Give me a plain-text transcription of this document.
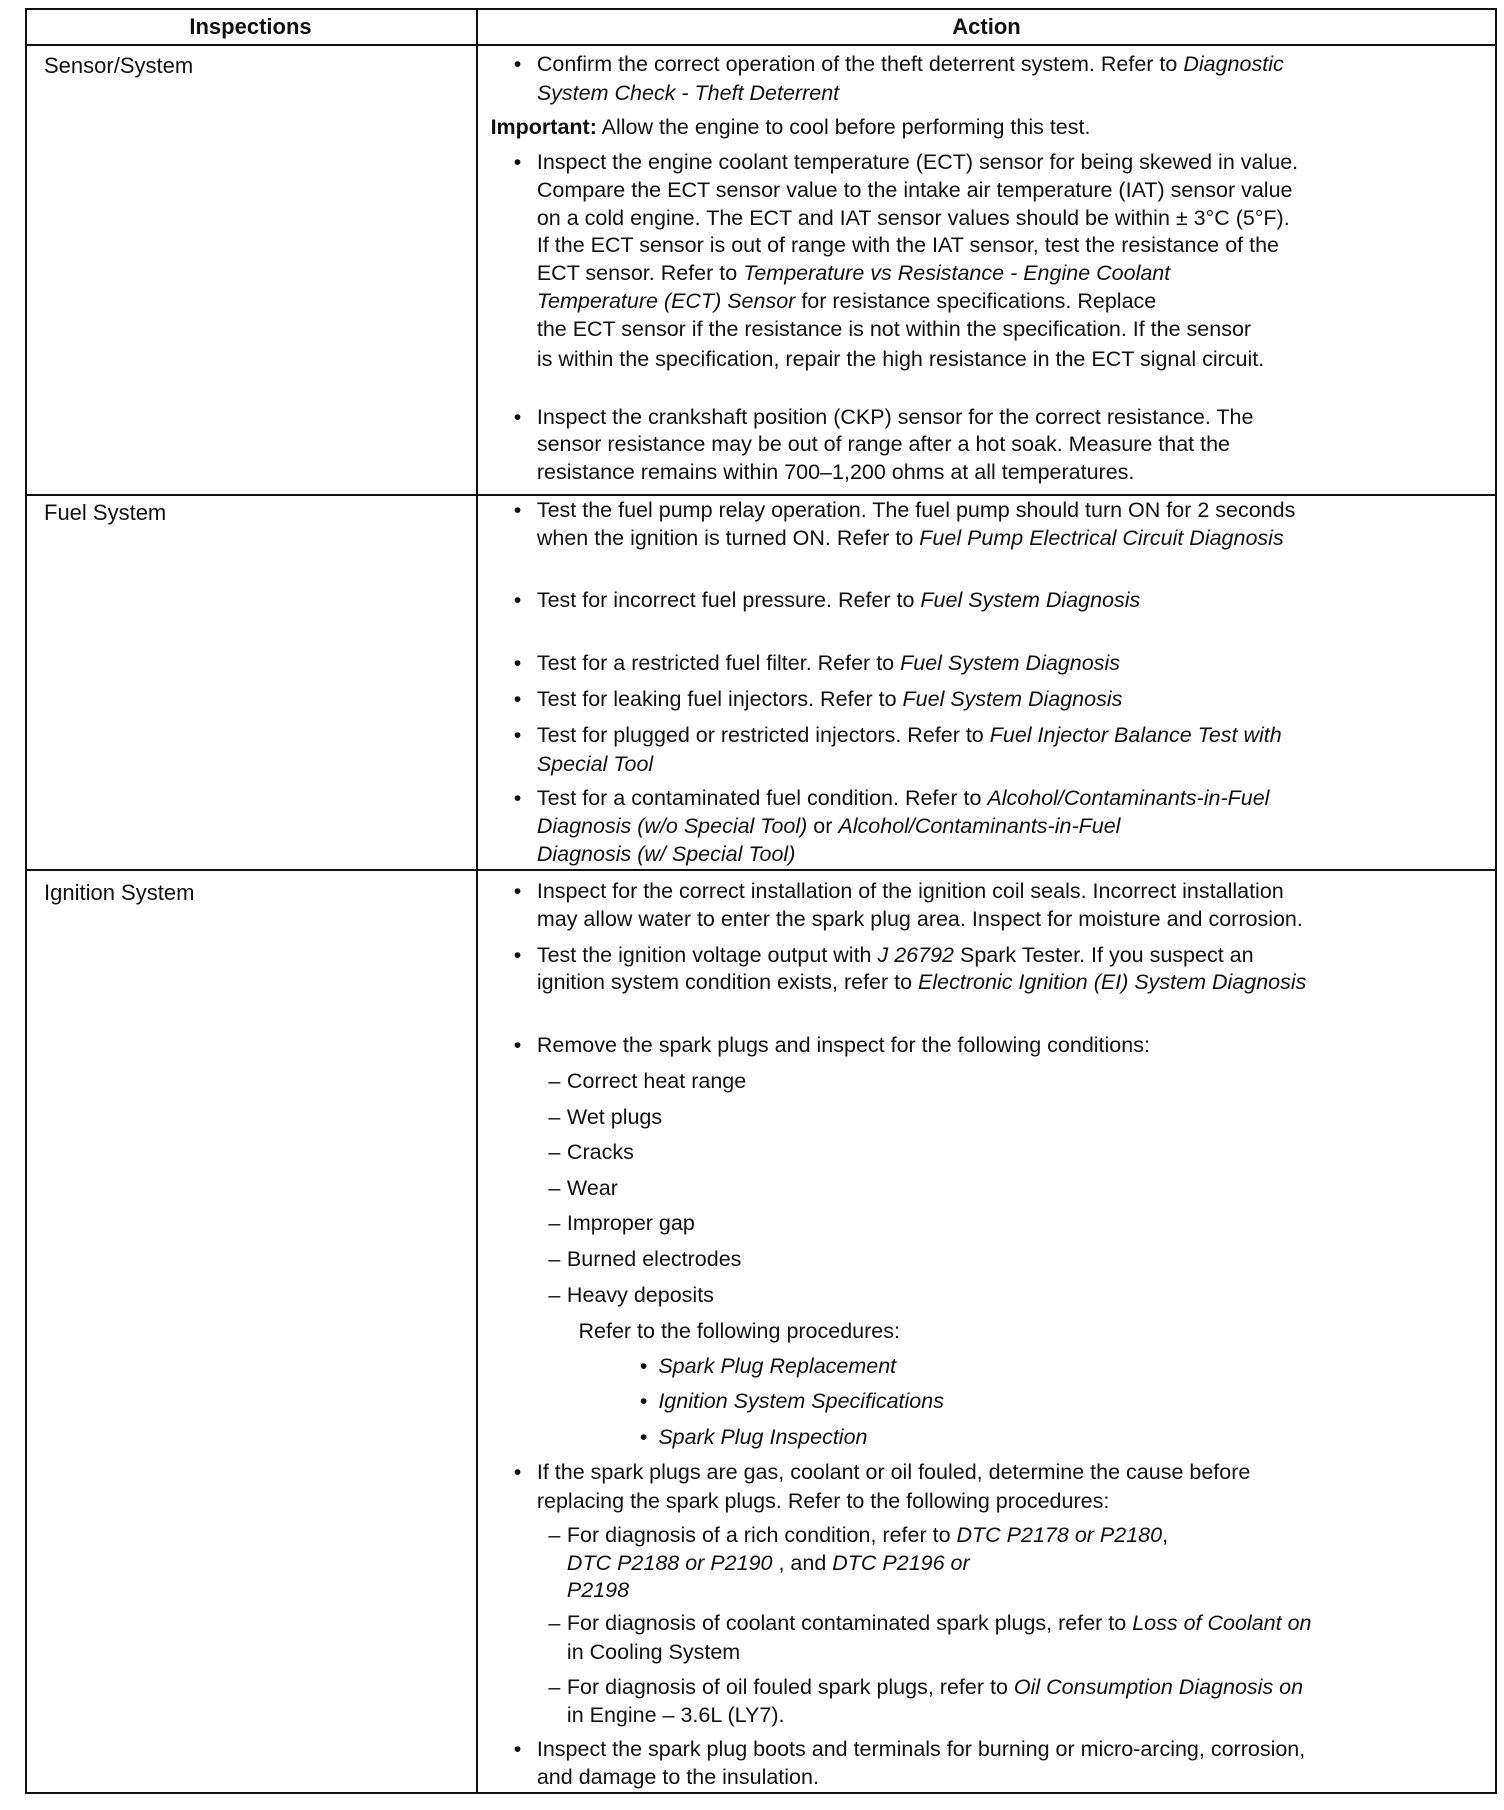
Inspections	Action
Sensor/System
Fuel System
Ignition System
• Confirm the correct operation of the theft deterrent system. Refer to Diagnostic
System Check - Theft Deterrent
Important: Allow the engine to cool before performing this test.
• Inspect the engine coolant temperature (ECT) sensor for being skewed in value.
Compare the ECT sensor value to the intake air temperature (IAT) sensor value
on a cold engine. The ECT and IAT sensor values should be within ± 3°C (5°F).
If the ECT sensor is out of range with the IAT sensor, test the resistance of the
ECT sensor. Refer to Temperature vs Resistance - Engine Coolant
Temperature (ECT) Sensor for resistance specifications. Replace
the ECT sensor if the resistance is not within the specification. If the sensor
is within the specification, repair the high resistance in the ECT signal circuit.
• Inspect the crankshaft position (CKP) sensor for the correct resistance. The
sensor resistance may be out of range after a hot soak. Measure that the
resistance remains within 700–1,200 ohms at all temperatures.
• Test the fuel pump relay operation. The fuel pump should turn ON for 2 seconds
when the ignition is turned ON. Refer to Fuel Pump Electrical Circuit Diagnosis
• Test for incorrect fuel pressure. Refer to Fuel System Diagnosis
• Test for a restricted fuel filter. Refer to Fuel System Diagnosis
• Test for leaking fuel injectors. Refer to Fuel System Diagnosis
• Test for plugged or restricted injectors. Refer to Fuel Injector Balance Test with
Special Tool
• Test for a contaminated fuel condition. Refer to Alcohol/Contaminants-in-Fuel
Diagnosis (w/o Special Tool) or Alcohol/Contaminants-in-Fuel
Diagnosis (w/ Special Tool)
• Inspect for the correct installation of the ignition coil seals. Incorrect installation
may allow water to enter the spark plug area. Inspect for moisture and corrosion.
• Test the ignition voltage output with J 26792 Spark Tester. If you suspect an
ignition system condition exists, refer to Electronic Ignition (EI) System Diagnosis
• Remove the spark plugs and inspect for the following conditions:
– Correct heat range
– Wet plugs
– Cracks
– Wear
– Improper gap
– Burned electrodes
– Heavy deposits
Refer to the following procedures:
• Spark Plug Replacement
• Ignition System Specifications
• Spark Plug Inspection
• If the spark plugs are gas, coolant or oil fouled, determine the cause before
replacing the spark plugs. Refer to the following procedures:
– For diagnosis of a rich condition, refer to DTC P2178 or P2180,
DTC P2188 or P2190 , and DTC P2196 or
P2198
– For diagnosis of coolant contaminated spark plugs, refer to Loss of Coolant on
in Cooling System
– For diagnosis of oil fouled spark plugs, refer to Oil Consumption Diagnosis on
in Engine – 3.6L (LY7).
• Inspect the spark plug boots and terminals for burning or micro-arcing, corrosion,
and damage to the insulation.
